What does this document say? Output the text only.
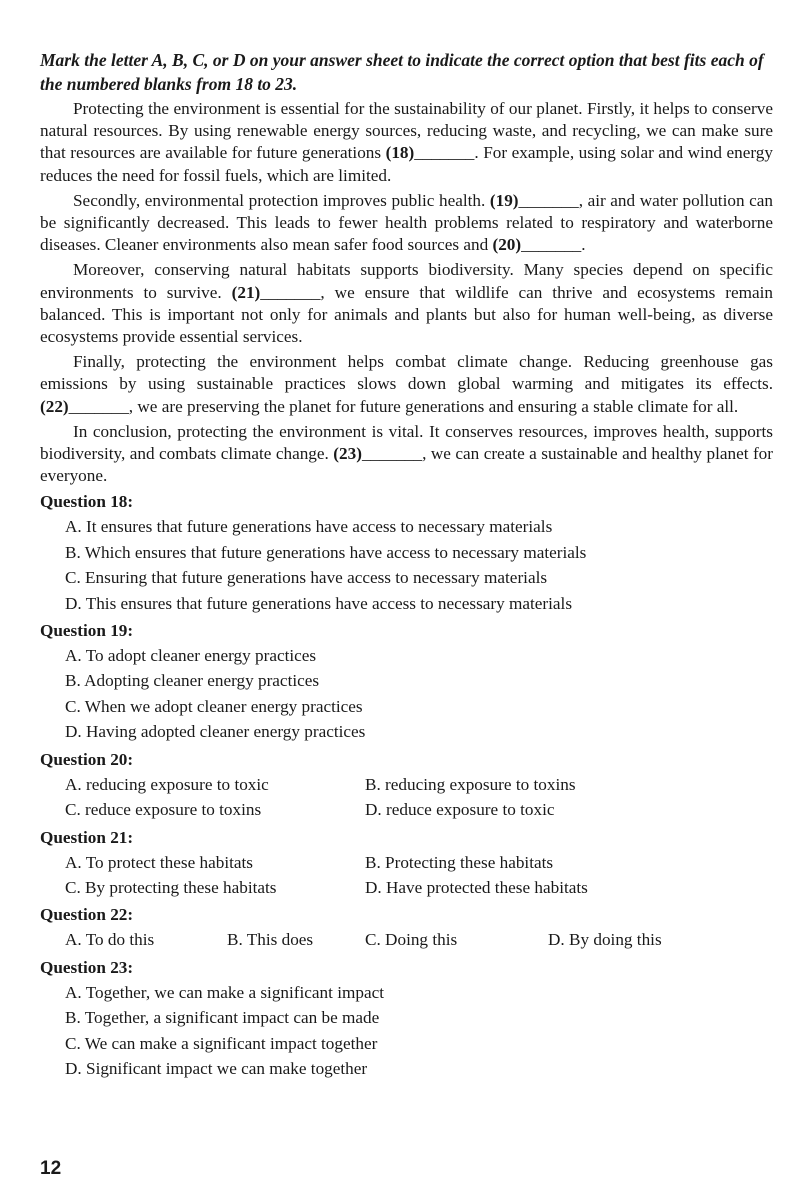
Mark the letter A, B, C, or D on your answer sheet to indicate the correct option that best fits each of the numbered blanks from 18 to 23.

Protecting the environment is essential for the sustainability of our planet. Firstly, it helps to conserve natural resources. By using renewable energy sources, reducing waste, and recycling, we can make sure that resources are available for future generations (18)_______. For example, using solar and wind energy reduces the need for fossil fuels, which are limited.

Secondly, environmental protection improves public health. (19)_______, air and water pollution can be significantly decreased. This leads to fewer health problems related to respiratory and waterborne diseases. Cleaner environments also mean safer food sources and (20)_______.

Moreover, conserving natural habitats supports biodiversity. Many species depend on specific environments to survive. (21)_______, we ensure that wildlife can thrive and ecosystems remain balanced. This is important not only for animals and plants but also for human well-being, as diverse ecosystems provide essential services.

Finally, protecting the environment helps combat climate change. Reducing greenhouse gas emissions by using sustainable practices slows down global warming and mitigates its effects. (22)_______, we are preserving the planet for future generations and ensuring a stable climate for all.

In conclusion, protecting the environment is vital. It conserves resources, improves health, supports biodiversity, and combats climate change. (23)_______, we can create a sustainable and healthy planet for everyone.

Question 18:
A. It ensures that future generations have access to necessary materials
B. Which ensures that future generations have access to necessary materials
C. Ensuring that future generations have access to necessary materials
D. This ensures that future generations have access to necessary materials
Question 19:
A. To adopt cleaner energy practices
B. Adopting cleaner energy practices
C. When we adopt cleaner energy practices
D. Having adopted cleaner energy practices
Question 20:
A. reducing exposure to toxic	B. reducing exposure to toxins
C. reduce exposure to toxins	D. reduce exposure to toxic
Question 21:
A. To protect these habitats	B. Protecting these habitats
C. By protecting these habitats	D. Have protected these habitats
Question 22:
A. To do this	B. This does	C. Doing this	D. By doing this
Question 23:
A. Together, we can make a significant impact
B. Together, a significant impact can be made
C. We can make a significant impact together
D. Significant impact we can make together
12
